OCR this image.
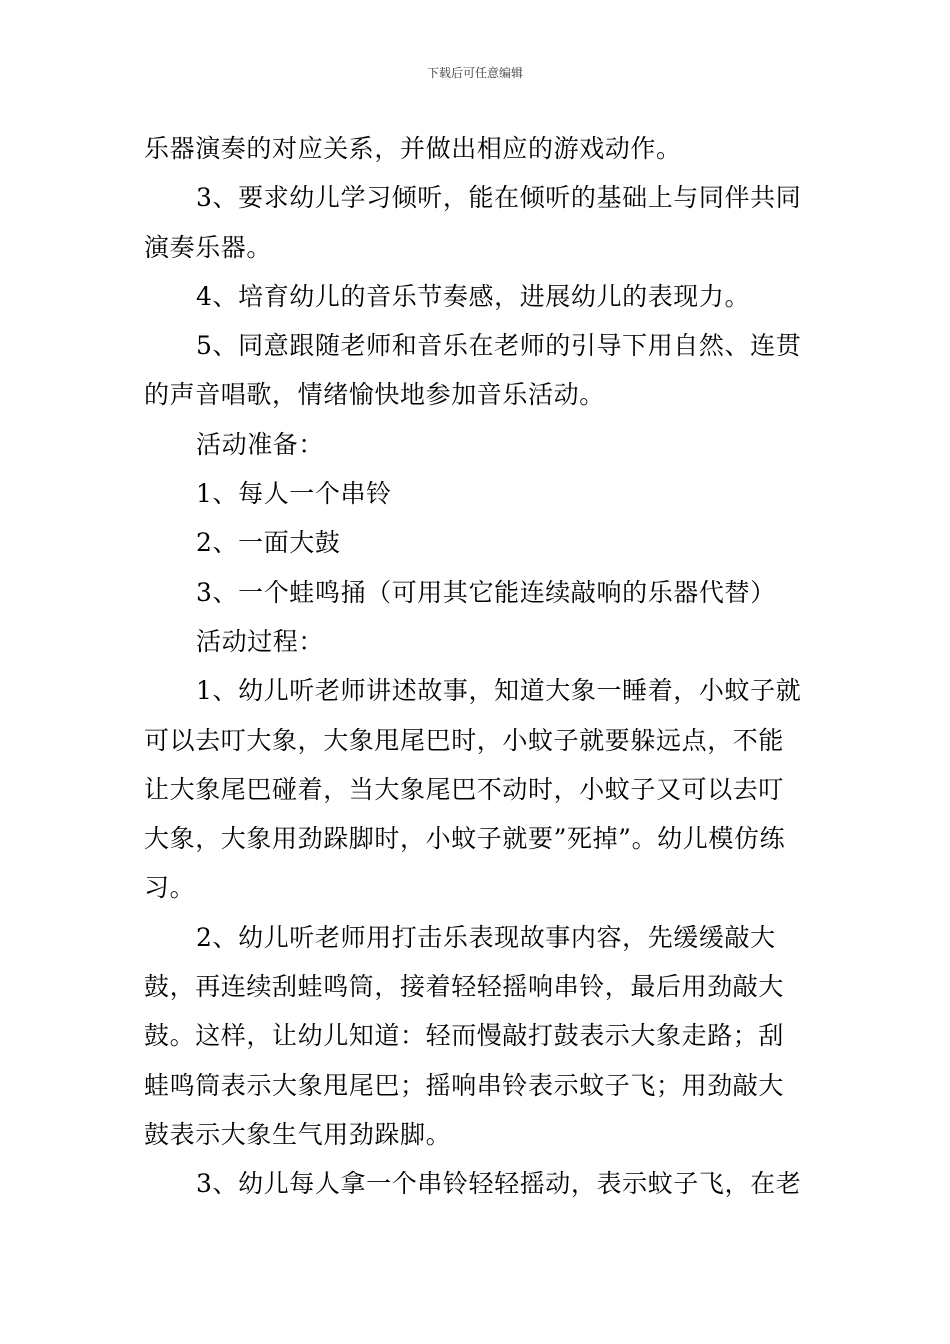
下载后可任意编辑

乐器演奏的对应关系，并做出相应的游戏动作。

3、要求幼儿学习倾听，能在倾听的基础上与同伴共同演奏乐器。

4、培育幼儿的音乐节奏感，进展幼儿的表现力。

5、同意跟随老师和音乐在老师的引导下用自然、连贯的声音唱歌，情绪愉快地参加音乐活动。

活动准备：

1、每人一个串铃

2、一面大鼓

3、一个蛙鸣捅（可用其它能连续敲响的乐器代替）

活动过程：

1、幼儿听老师讲述故事，知道大象一睡着，小蚊子就可以去叮大象，大象甩尾巴时，小蚊子就要躲远点，不能让大象尾巴碰着，当大象尾巴不动时，小蚊子又可以去叮大象，大象用劲跺脚时，小蚊子就要”死掉”。幼儿模仿练习。

2、幼儿听老师用打击乐表现故事内容，先缓缓敲大鼓，再连续刮蛙鸣筒，接着轻轻摇响串铃，最后用劲敲大鼓。这样，让幼儿知道：轻而慢敲打鼓表示大象走路；刮蛙鸣筒表示大象甩尾巴；摇响串铃表示蚊子飞；用劲敲大鼓表示大象生气用劲跺脚。

3、幼儿每人拿一个串铃轻轻摇动，表示蚊子飞，在老
